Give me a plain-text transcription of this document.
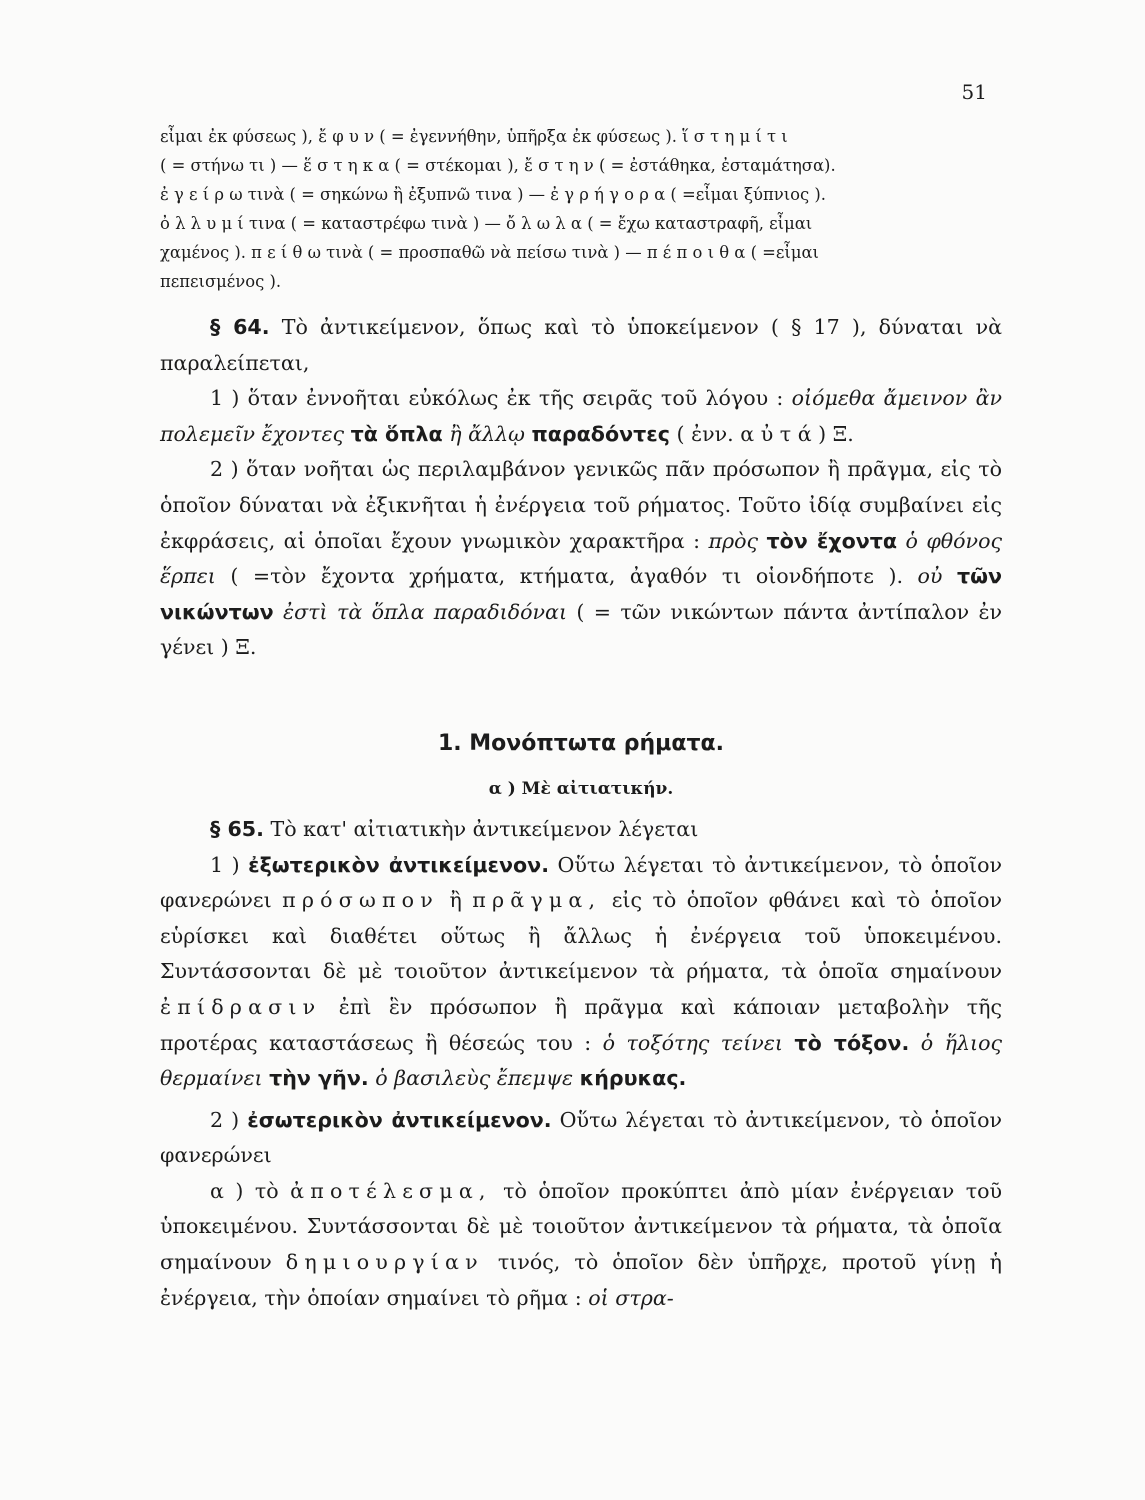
51
εἶμαι ἐκ φύσεως ), ἔ φ υ ν ( = ἐγεννήθην, ὑπῆρξα ἐκ φύσεως ). ἵ σ τ η μ ί τ ι
( = στήνω τι ) — ἕ σ τ η κ α ( = στέκομαι ), ἔ σ τ η ν ( = ἐστάθηκα, ἐσταμάτησα).
ἐ γ ε ί ρ ω τινὰ ( = σηκώνω ἢ ἐξυπνῶ τινα ) — ἐ γ ρ ή γ ο ρ α ( =εἶμαι ξύπνιος ).
ὀ λ λ υ μ ί τινα ( = καταστρέφω τινὰ ) — ὄ λ ω λ α ( = ἔχω καταστραφῆ, εἶμαι
χαμένος ). π ε ί θ ω τινὰ ( = προσπαθῶ νὰ πείσω τινὰ ) — π έ π ο ι θ α ( =εἶμαι
πεπεισμένος ).

§ 64. Τὸ ἀντικείμενον, ὅπως καὶ τὸ ὑποκείμενον ( § 17 ), δύναται νὰ παραλείπεται,

1 ) ὅταν ἐννοῆται εὐκόλως ἐκ τῆς σειρᾶς τοῦ λόγου : οἰόμεθα ἄμεινον ἂν πολεμεῖν ἔχοντες τὰ ὅπλα ἢ ἄλλῳ παραδόντες ( ἐνν. α ὐ τ ά ) Ξ.

2 ) ὅταν νοῆται ὡς περιλαμβάνον γενικῶς πᾶν πρόσωπον ἢ πρᾶγμα, εἰς τὸ ὁποῖον δύναται νὰ ἐξικνῆται ἡ ἐνέργεια τοῦ ρήματος. Τοῦτο ἰδίᾳ συμβαίνει εἰς ἐκφράσεις, αἱ ὁποῖαι ἔχουν γνωμικὸν χαρακτῆρα : πρὸς τὸν ἔχοντα ὁ φθόνος ἕρπει ( =τὸν ἔχοντα χρήματα, κτήματα, ἀγαθόν τι οἱονδήποτε ). οὐ τῶν νικώντων ἐστὶ τὰ ὅπλα παραδιδόναι ( = τῶν νικώντων πάντα ἀντίπαλον ἐν γένει ) Ξ.

1. Μονόπτωτα ρήματα.
α ) Μὲ αἰτιατικήν.

§ 65. Τὸ κατ' αἰτιατικὴν ἀντικείμενον λέγεται

1 ) ἐξωτερικὸν ἀντικείμενον. Οὕτω λέγεται τὸ ἀντικείμενον, τὸ ὁποῖον φανερώνει πρόσωπον ἢ πρᾶγμα, εἰς τὸ ὁποῖον φθάνει καὶ τὸ ὁποῖον εὑρίσκει καὶ διαθέτει οὕτως ἢ ἄλλως ἡ ἐνέργεια τοῦ ὑποκειμένου. Συντάσσονται δὲ μὲ τοιοῦτον ἀντικείμενον τὰ ρήματα, τὰ ὁποῖα σημαίνουν ἐπίδρασιν ἐπὶ ἓν πρόσωπον ἢ πρᾶγμα καὶ κάποιαν μεταβολὴν τῆς προτέρας καταστάσεως ἢ θέσεώς του : ὁ τοξότης τείνει τὸ τόξον. ὁ ἥλιος θερμαίνει τὴν γῆν. ὁ βασιλεὺς ἔπεμψε κήρυκας.

2 ) ἐσωτερικὸν ἀντικείμενον. Οὕτω λέγεται τὸ ἀντικείμενον, τὸ ὁποῖον φανερώνει

α ) τὸ ἀποτέλεσμα, τὸ ὁποῖον προκύπτει ἀπὸ μίαν ἐνέργειαν τοῦ ὑποκειμένου. Συντάσσονται δὲ μὲ τοιοῦτον ἀντικείμενον τὰ ρήματα, τὰ ὁποῖα σημαίνουν δημιουργίαν τινός, τὸ ὁποῖον δὲν ὑπῆρχε, προτοῦ γίνῃ ἡ ἐνέργεια, τὴν ὁποίαν σημαίνει τὸ ρῆμα : οἱ στρα-
